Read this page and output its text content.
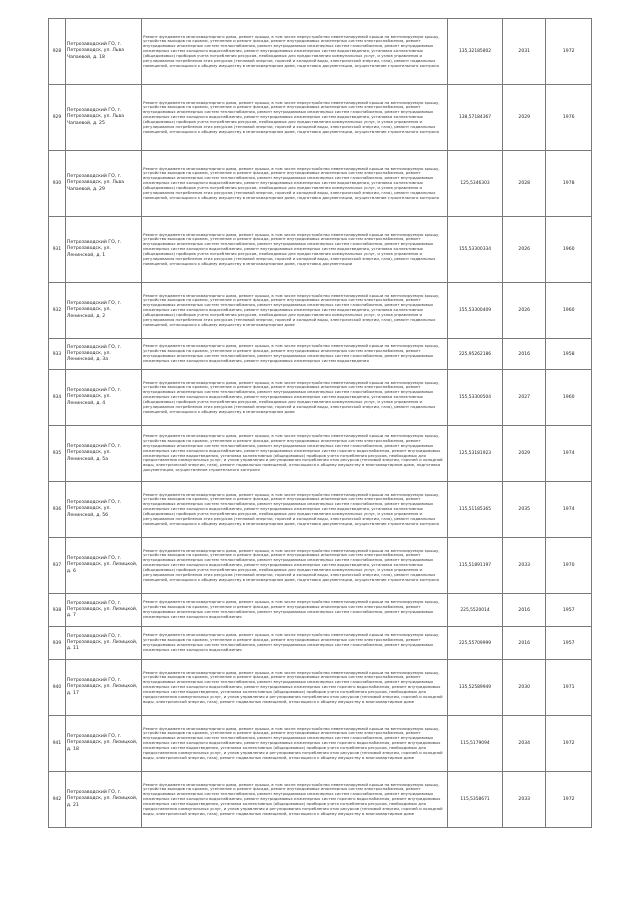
928	Петрозаводский ГО, г. Петрозаводск, ул. Льва Чапаевой, д. 18	Ремонт фундамента многоквартирного дома, ремонт крыши, в том числе переустройство невентилируемой крыши на вентилируемую крышу, устройство выходов на кровлю, утепление и ремонт фасада, ремонт внутридомовых инженерных систем электроснабжения, ремонт внутридомовых инженерных систем теплоснабжения, ремонт внутридомовых инженерных систем газоснабжения, ремонт внутридомовых инженерных систем холодного водоснабжения, ремонт внутридомовых инженерных систем водоотведения, установка коллективных (общедомовых) приборов учета потребления ресурсов, необходимых для предоставления коммунальных услуг, и узлов управления и регулирования потребления этих ресурсов (тепловой энергии, горячей и холодной воды, электрической энергии, газа), ремонт подвальных помещений, относящихся к общему имуществу в многоквартирном доме, подготовка документации, осуществление строительного контроля	135,32185802	2031	1972
929	Петрозаводский ГО, г. Петрозаводск, ул. Льва Чапаевой, д. 25	Ремонт фундамента многоквартирного дома, ремонт крыши, в том числе переустройство невентилируемой крыши на вентилируемую крышу, устройство выходов на кровлю, утепление и ремонт фасада, ремонт внутридомовых инженерных систем электроснабжения, ремонт внутридомовых инженерных систем теплоснабжения, ремонт внутридомовых инженерных систем газоснабжения, ремонт внутридомовых инженерных систем холодного водоснабжения, ремонт внутридомовых инженерных систем водоотведения, установка коллективных (общедомовых) приборов учета потребления ресурсов, необходимых для предоставления коммунальных услуг, и узлов управления и регулирования потребления этих ресурсов (тепловой энергии, горячей и холодной воды, электрической энергии, газа), ремонт подвальных помещений, относящихся к общему имуществу в многоквартирном доме, подготовка документации, осуществление строительного контроля	138,57184367	2029	1976
930	Петрозаводский ГО, г. Петрозаводск, ул. Льва Чапаевой, д. 29	Ремонт фундамента многоквартирного дома, ремонт крыши, в том числе переустройство невентилируемой крыши на вентилируемую крышу, устройство выходов на кровлю, утепление и ремонт фасада, ремонт внутридомовых инженерных систем электроснабжения, ремонт внутридомовых инженерных систем теплоснабжения, ремонт внутридомовых инженерных систем газоснабжения, ремонт внутридомовых инженерных систем холодного водоснабжения, ремонт внутридомовых инженерных систем водоотведения, установка коллективных (общедомовых) приборов учета потребления ресурсов, необходимых для предоставления коммунальных услуг, и узлов управления и регулирования потребления этих ресурсов (тепловой энергии, горячей и холодной воды, электрической энергии, газа), ремонт подвальных помещений, относящихся к общему имуществу в многоквартирном доме, подготовка документации, осуществление строительного контроля	125,5346303	2028	1978
931	Петрозаводский ГО, г. Петрозаводск, ул. Ленинской, д. 1	Ремонт фундамента многоквартирного дома, ремонт крыши, в том числе переустройство невентилируемой крыши на вентилируемую крышу, устройство выходов на кровлю, утепление и ремонт фасада, ремонт внутридомовых инженерных систем электроснабжения, ремонт внутридомовых инженерных систем теплоснабжения, ремонт внутридомовых инженерных систем газоснабжения, ремонт внутридомовых инженерных систем холодного водоснабжения, ремонт внутридомовых инженерных систем водоотведения, установка коллективных (общедомовых) приборов учета потребления ресурсов, необходимых для предоставления коммунальных услуг, и узлов управления и регулирования потребления этих ресурсов (тепловой энергии, горячей и холодной воды, электрической энергии, газа), ремонт подвальных помещений, относящихся к общему имуществу в многоквартирном доме, подготовка документации	155,53300334	2026	1960
932	Петрозаводский ГО, г. Петрозаводск, ул. Ленинской, д. 2	Ремонт фундамента многоквартирного дома, ремонт крыши, в том числе переустройство невентилируемой крыши на вентилируемую крышу, устройство выходов на кровлю, утепление и ремонт фасада, ремонт внутридомовых инженерных систем электроснабжения, ремонт внутридомовых инженерных систем теплоснабжения, ремонт внутридомовых инженерных систем газоснабжения, ремонт внутридомовых инженерных систем холодного водоснабжения, ремонт внутридомовых инженерных систем водоотведения, установка коллективных (общедомовых) приборов учета потребления ресурсов, необходимых для предоставления коммунальных услуг, и узлов управления и регулирования потребления этих ресурсов (тепловой энергии, горячей и холодной воды, электрической энергии, газа), ремонт подвальных помещений, относящихся к общему имуществу в многоквартирном доме	155,53300409	2026	1960
933	Петрозаводский ГО, г. Петрозаводск, ул. Ленинской, д. 3а	Ремонт фундамента многоквартирного дома, ремонт крыши, в том числе переустройство невентилируемой крыши на вентилируемую крышу, устройство выходов на кровлю, утепление и ремонт фасада, ремонт внутридомовых инженерных систем электроснабжения, ремонт внутридомовых инженерных систем теплоснабжения, ремонт внутридомовых инженерных систем газоснабжения, ремонт внутридомовых инженерных систем холодного водоснабжения, ремонт внутридомовых инженерных систем водоотведения	225,95262186	2016	1958
934	Петрозаводский ГО, г. Петрозаводск, ул. Ленинской, д. 4	Ремонт фундамента многоквартирного дома, ремонт крыши, в том числе переустройство невентилируемой крыши на вентилируемую крышу, устройство выходов на кровлю, утепление и ремонт фасада, ремонт внутридомовых инженерных систем электроснабжения, ремонт внутридомовых инженерных систем теплоснабжения, ремонт внутридомовых инженерных систем газоснабжения, ремонт внутридомовых инженерных систем холодного водоснабжения, ремонт внутридомовых инженерных систем водоотведения, установка коллективных (общедомовых) приборов учета потребления ресурсов, необходимых для предоставления коммунальных услуг, и узлов управления и регулирования потребления этих ресурсов (тепловой энергии, горячей и холодной воды, электрической энергии, газа), ремонт подвальных помещений, относящихся к общему имуществу в многоквартирном доме	155,53300504	2027	1960
935	Петрозаводский ГО, г. Петрозаводск, ул. Ленинской, д. 5а	Ремонт фундамента многоквартирного дома, ремонт крыши, в том числе переустройство невентилируемой крыши на вентилируемую крышу, устройство выходов на кровлю, утепление и ремонт фасада, ремонт внутридомовых инженерных систем электроснабжения, ремонт внутридомовых инженерных систем теплоснабжения, ремонт внутридомовых инженерных систем газоснабжения, ремонт внутридомовых инженерных систем холодного водоснабжения, ремонт внутридомовых инженерных систем горячего водоснабжения, ремонт внутридомовых инженерных систем водоотведения, установка коллективных (общедомовых) приборов учета потребления ресурсов, необходимых для предоставления коммунальных услуг, и узлов управления и регулирования потребления этих ресурсов (тепловой энергии, горячей и холодной воды, электрической энергии, газа), ремонт подвальных помещений, относящихся к общему имуществу в многоквартирном доме, подготовка документации, осуществление строительного контроля	125,53181923	2029	1974
936	Петрозаводский ГО, г. Петрозаводск, ул. Ленинской, д. 5б	Ремонт фундамента многоквартирного дома, ремонт крыши, в том числе переустройство невентилируемой крыши на вентилируемую крышу, устройство выходов на кровлю, утепление и ремонт фасада, ремонт внутридомовых инженерных систем электроснабжения, ремонт внутридомовых инженерных систем теплоснабжения, ремонт внутридомовых инженерных систем газоснабжения, ремонт внутридомовых инженерных систем холодного водоснабжения, ремонт внутридомовых инженерных систем водоотведения, установка коллективных (общедомовых) приборов учета потребления ресурсов, необходимых для предоставления коммунальных услуг, и узлов управления и регулирования потребления этих ресурсов (тепловой энергии, горячей и холодной воды, электрической энергии, газа), ремонт подвальных помещений, относящихся к общему имуществу в многоквартирном доме, подготовка документации, осуществление строительного контроля	115,51185365	2035	1974
937	Петрозаводский ГО, г. Петрозаводск, ул. Лизицкой, д. 6	Ремонт фундамента многоквартирного дома, ремонт крыши, в том числе переустройство невентилируемой крыши на вентилируемую крышу, устройство выходов на кровлю, утепление и ремонт фасада, ремонт внутридомовых инженерных систем электроснабжения, ремонт внутридомовых инженерных систем теплоснабжения, ремонт внутридомовых инженерных систем газоснабжения, ремонт внутридомовых инженерных систем холодного водоснабжения, ремонт внутридомовых инженерных систем водоотведения, установка коллективных (общедомовых) приборов учета потребления ресурсов, необходимых для предоставления коммунальных услуг, и узлов управления и регулирования потребления этих ресурсов (тепловой энергии, горячей и холодной воды, электрической энергии, газа), ремонт подвальных помещений, относящихся к общему имуществу в многоквартирном доме, подготовка документации, осуществление строительного контроля	115,51891197	2033	1970
938	Петрозаводский ГО, г. Петрозаводск, ул. Лизицкой, д. 7	Ремонт фундамента многоквартирного дома, ремонт крыши, в том числе переустройство невентилируемой крыши на вентилируемую крышу, устройство выходов на кровлю, утепление и ремонт фасада, ремонт внутридомовых инженерных систем электроснабжения, ремонт внутридомовых инженерных систем теплоснабжения, ремонт внутридомовых инженерных систем газоснабжения, ремонт внутридомовых инженерных систем холодного водоснабжения	225,5520014	2016	1957
939	Петрозаводский ГО, г. Петрозаводск, ул. Лизицкой, д. 11	Ремонт фундамента многоквартирного дома, ремонт крыши, в том числе переустройство невентилируемой крыши на вентилируемую крышу, устройство выходов на кровлю, утепление и ремонт фасада, ремонт внутридомовых инженерных систем электроснабжения, ремонт внутридомовых инженерных систем теплоснабжения, ремонт внутридомовых инженерных систем газоснабжения, ремонт внутридомовых инженерных систем холодного водоснабжения	225,55709999	2016	1957
940	Петрозаводский ГО, г. Петрозаводск, ул. Лизицкой, д. 17	Ремонт фундамента многоквартирного дома, ремонт крыши, в том числе переустройство невентилируемой крыши на вентилируемую крышу, устройство выходов на кровлю, утепление и ремонт фасада, ремонт внутридомовых инженерных систем электроснабжения, ремонт внутридомовых инженерных систем теплоснабжения, ремонт внутридомовых инженерных систем газоснабжения, ремонт внутридомовых инженерных систем холодного водоснабжения, ремонт внутридомовых инженерных систем горячего водоснабжения, ремонт внутридомовых инженерных систем водоотведения, установка коллективных (общедомовых) приборов учета потребления ресурсов, необходимых для предоставления коммунальных услуг, и узлов управления и регулирования потребления этих ресурсов (тепловой энергии, горячей и холодной воды, электрической энергии, газа), ремонт подвальных помещений, относящихся к общему имуществу в многоквартирном доме	135,52589949	2030	1971
941	Петрозаводский ГО, г. Петрозаводск, ул. Лизицкой, д. 18	Ремонт фундамента многоквартирного дома, ремонт крыши, в том числе переустройство невентилируемой крыши на вентилируемую крышу, устройство выходов на кровлю, утепление и ремонт фасада, ремонт внутридомовых инженерных систем электроснабжения, ремонт внутридомовых инженерных систем теплоснабжения, ремонт внутридомовых инженерных систем газоснабжения, ремонт внутридомовых инженерных систем холодного водоснабжения, ремонт внутридомовых инженерных систем горячего водоснабжения, ремонт внутридомовых инженерных систем водоотведения, установка коллективных (общедомовых) приборов учета потребления ресурсов, необходимых для предоставления коммунальных услуг, и узлов управления и регулирования потребления этих ресурсов (тепловой энергии, горячей и холодной воды, электрической энергии, газа), ремонт подвальных помещений, относящихся к общему имуществу в многоквартирном доме	115,5179094	2034	1972
942	Петрозаводский ГО, г. Петрозаводск, ул. Лизицкой, д. 21	Ремонт фундамента многоквартирного дома, ремонт крыши, в том числе переустройство невентилируемой крыши на вентилируемую крышу, устройство выходов на кровлю, утепление и ремонт фасада, ремонт внутридомовых инженерных систем электроснабжения, ремонт внутридомовых инженерных систем теплоснабжения, ремонт внутридомовых инженерных систем газоснабжения, ремонт внутридомовых инженерных систем холодного водоснабжения, ремонт внутридомовых инженерных систем горячего водоснабжения, ремонт внутридомовых инженерных систем водоотведения, установка коллективных (общедомовых) приборов учета потребления ресурсов, необходимых для предоставления коммунальных услуг, и узлов управления и регулирования потребления этих ресурсов (тепловой энергии, горячей и холодной воды, электрической энергии, газа), ремонт подвальных помещений, относящихся к общему имуществу в многоквартирном доме	115,5358671	2033	1972
